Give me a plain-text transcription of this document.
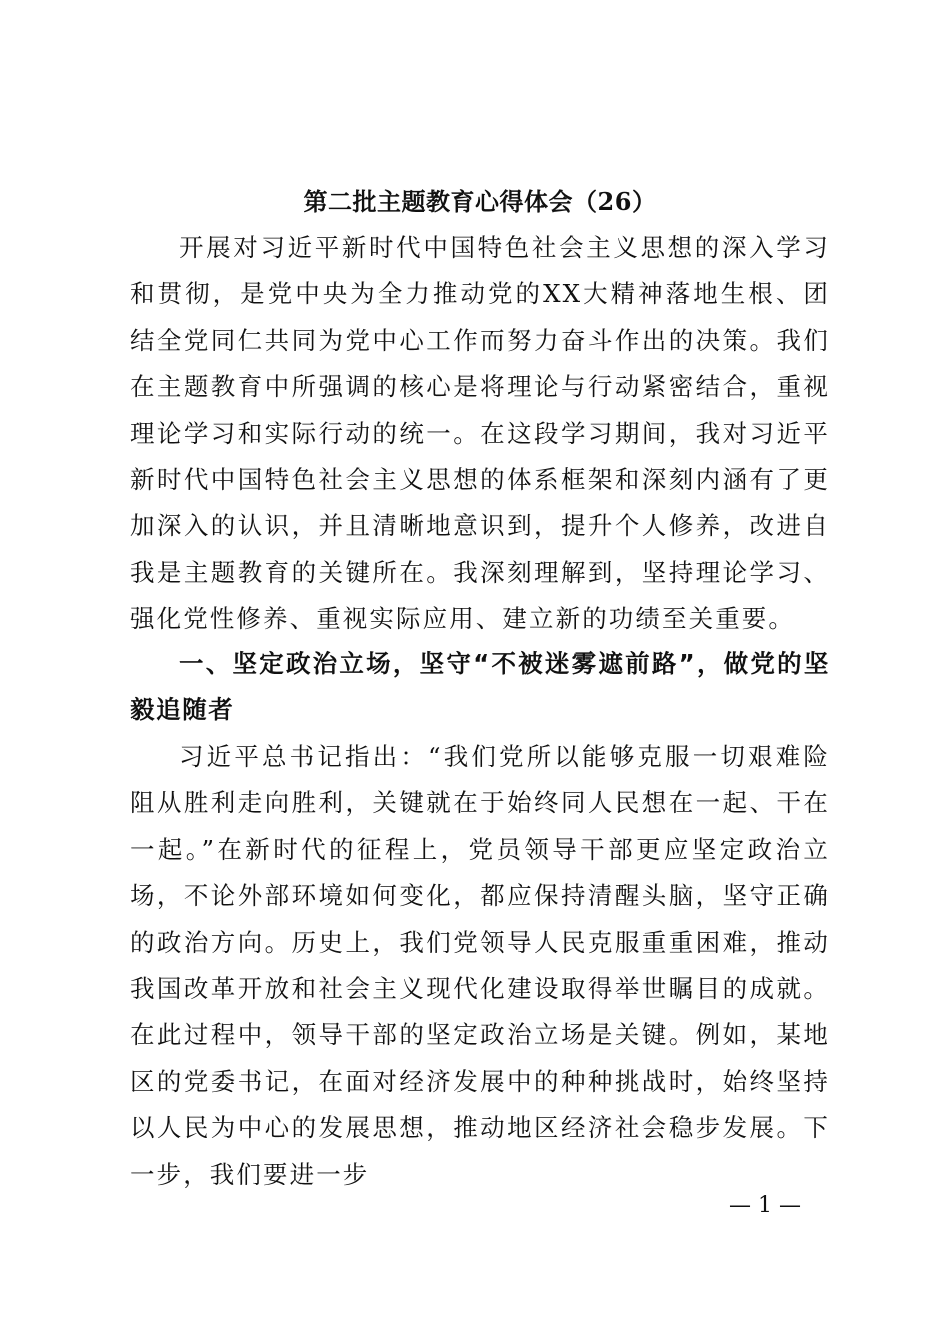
第二批主题教育心得体会（26）

开展对习近平新时代中国特色社会主义思想的深入学习和贯彻，是党中央为全力推动党的XX大精神落地生根、团结全党同仁共同为党中心工作而努力奋斗作出的决策。我们在主题教育中所强调的核心是将理论与行动紧密结合，重视理论学习和实际行动的统一。在这段学习期间，我对习近平新时代中国特色社会主义思想的体系框架和深刻内涵有了更加深入的认识，并且清晰地意识到，提升个人修养，改进自我是主题教育的关键所在。我深刻理解到，坚持理论学习、强化党性修养、重视实际应用、建立新的功绩至关重要。

一、坚定政治立场，坚守“不被迷雾遮前路”，做党的坚毅追随者

习近平总书记指出：“我们党所以能够克服一切艰难险阻从胜利走向胜利，关键就在于始终同人民想在一起、干在一起。”在新时代的征程上，党员领导干部更应坚定政治立场，不论外部环境如何变化，都应保持清醒头脑，坚守正确的政治方向。历史上，我们党领导人民克服重重困难，推动我国改革开放和社会主义现代化建设取得举世瞩目的成就。在此过程中，领导干部的坚定政治立场是关键。例如，某地区的党委书记，在面对经济发展中的种种挑战时，始终坚持以人民为中心的发展思想，推动地区经济社会稳步发展。下一步，我们要进一步

— 1 —
